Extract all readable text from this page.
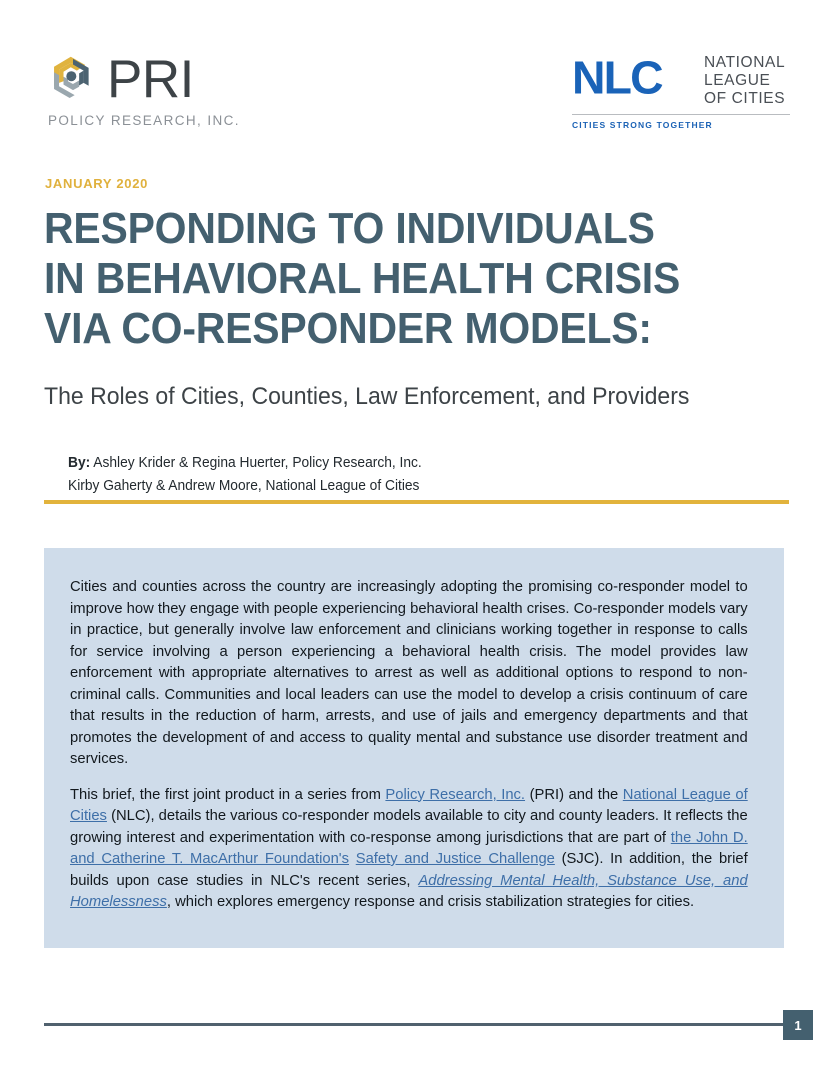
PRI
POLICY RESEARCH, INC.
NLC	NATIONAL
LEAGUE
OF CITIES
CITIES STRONG TOGETHER
JANUARY 2020
RESPONDING TO INDIVIDUALS IN BEHAVIORAL HEALTH CRISIS VIA CO-RESPONDER MODELS:
The Roles of Cities, Counties, Law Enforcement, and Providers
By: Ashley Krider & Regina Huerter, Policy Research, Inc.
Kirby Gaherty & Andrew Moore, National League of Cities

Cities and counties across the country are increasingly adopting the promising co-responder model to improve how they engage with people experiencing behavioral health crises. Co-responder models vary in practice, but generally involve law enforcement and clinicians working together in response to calls for service involving a person experiencing a behavioral health crisis. The model provides law enforcement with appropriate alternatives to arrest as well as additional options to respond to non-criminal calls. Communities and local leaders can use the model to develop a crisis continuum of care that results in the reduction of harm, arrests, and use of jails and emergency departments and that promotes the development of and access to quality mental and substance use disorder treatment and services.

This brief, the first joint product in a series from Policy Research, Inc. (PRI) and the National League of Cities (NLC), details the various co-responder models available to city and county leaders. It reflects the growing interest and experimentation with co-response among jurisdictions that are part of the John D. and Catherine T. MacArthur Foundation's Safety and Justice Challenge (SJC). In addition, the brief builds upon case studies in NLC's recent series, Addressing Mental Health, Substance Use, and Homelessness, which explores emergency response and crisis stabilization strategies for cities.

1
